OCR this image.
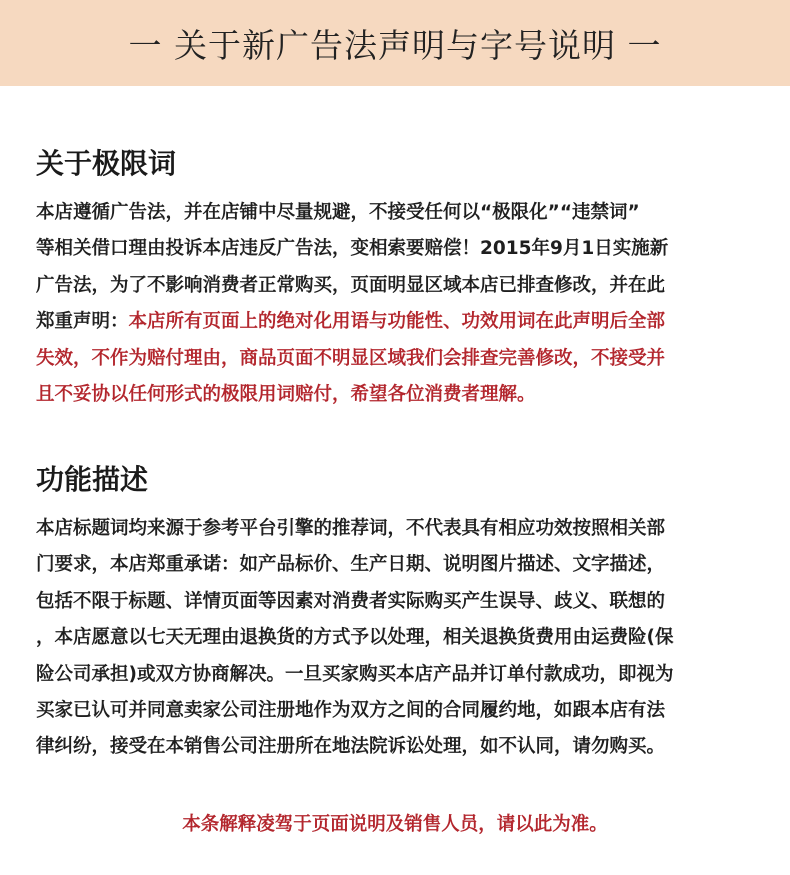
一 关于新广告法声明与字号说明 一
关于极限词
本店遵循广告法，并在店铺中尽量规避，不接受任何以“极限化”“违禁词”
等相关借口理由投诉本店违反广告法，变相索要赔偿！2015年9月1日实施新
广告法，为了不影响消费者正常购买，页面明显区域本店已排查修改，并在此
郑重声明：本店所有页面上的绝对化用语与功能性、功效用词在此声明后全部
失效，不作为赔付理由，商品页面不明显区域我们会排查完善修改，不接受并
且不妥协以任何形式的极限用词赔付，希望各位消费者理解。
功能描述
本店标题词均来源于参考平台引擎的推荐词，不代表具有相应功效按照相关部
门要求，本店郑重承诺：如产品标价、生产日期、说明图片描述、文字描述，
包括不限于标题、详情页面等因素对消费者实际购买产生误导、歧义、联想的
，本店愿意以七天无理由退换货的方式予以处理，相关退换货费用由运费险(保
险公司承担)或双方协商解决。一旦买家购买本店产品并订单付款成功，即视为
买家已认可并同意卖家公司注册地作为双方之间的合同履约地，如跟本店有法
律纠纷，接受在本销售公司注册所在地法院诉讼处理，如不认同，请勿购买。
本条解释凌驾于页面说明及销售人员，请以此为准。
